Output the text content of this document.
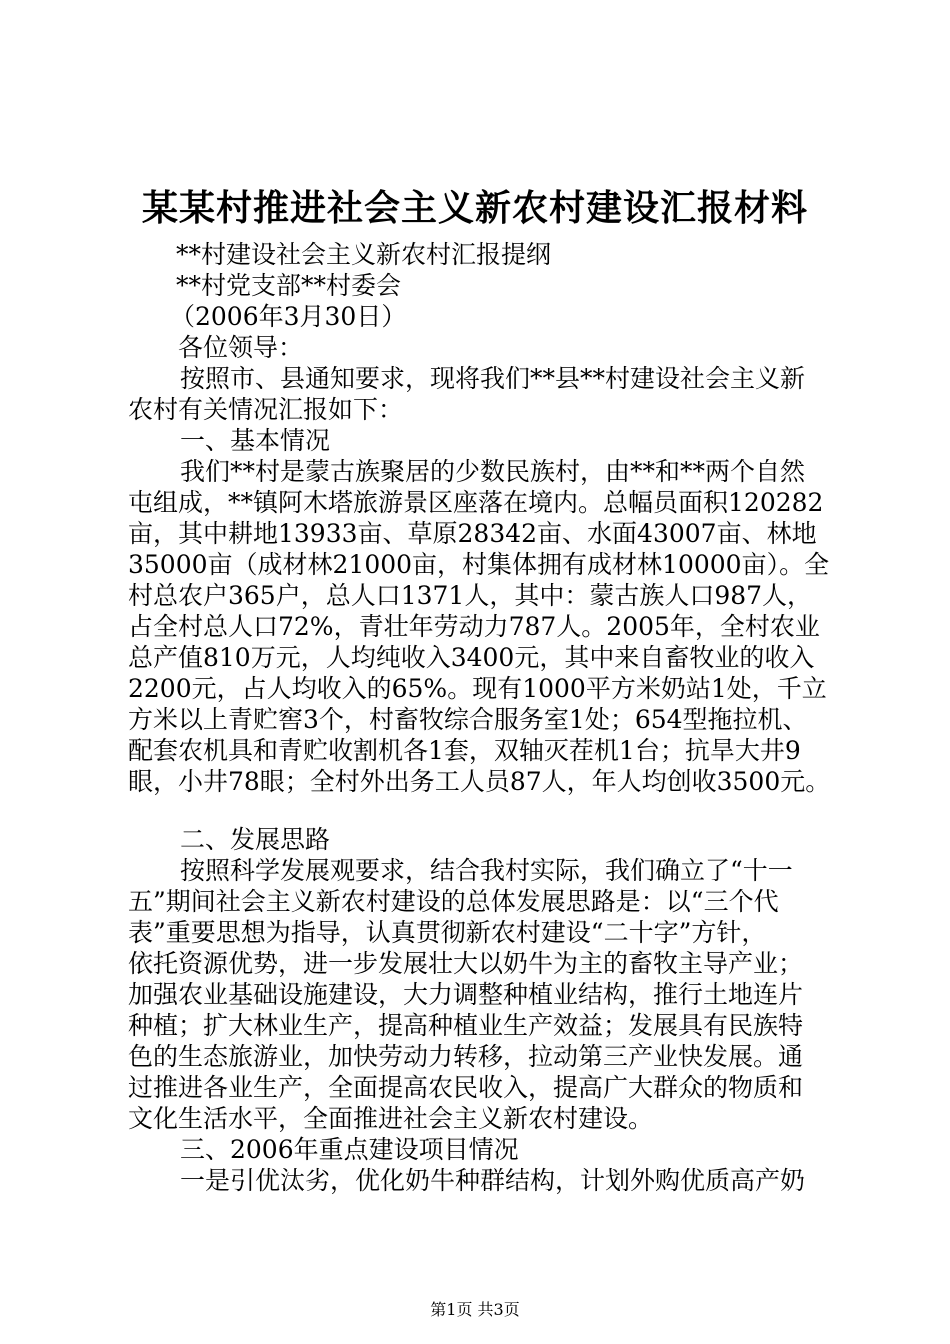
某某村推进社会主义新农村建设汇报材料
**村建设社会主义新农村汇报提纲
**村党支部**村委会
（2006年3月30日）
各位领导：
按照市、县通知要求，现将我们**县**村建设社会主义新
农村有关情况汇报如下：
一、基本情况
我们**村是蒙古族聚居的少数民族村，由**和**两个自然
屯组成，**镇阿木塔旅游景区座落在境内。总幅员面积120282
亩，其中耕地13933亩、草原28342亩、水面43007亩、林地
35000亩（成材林21000亩，村集体拥有成材林10000亩）。全
村总农户365户，总人口1371人，其中：蒙古族人口987人，
占全村总人口72%，青壮年劳动力787人。2005年，全村农业
总产值810万元，人均纯收入3400元，其中来自畜牧业的收入
2200元，占人均收入的65%。现有1000平方米奶站1处，千立
方米以上青贮窖3个，村畜牧综合服务室1处；654型拖拉机、
配套农机具和青贮收割机各1套，双轴灭茬机1台；抗旱大井9
眼，小井78眼；全村外出务工人员87人，年人均创收3500元。
二、发展思路
按照科学发展观要求，结合我村实际，我们确立了“十一
五”期间社会主义新农村建设的总体发展思路是：以“三个代
表”重要思想为指导，认真贯彻新农村建设“二十字”方针，
依托资源优势，进一步发展壮大以奶牛为主的畜牧主导产业；
加强农业基础设施建设，大力调整种植业结构，推行土地连片
种植；扩大林业生产，提高种植业生产效益；发展具有民族特
色的生态旅游业，加快劳动力转移，拉动第三产业快发展。通
过推进各业生产，全面提高农民收入，提高广大群众的物质和
文化生活水平，全面推进社会主义新农村建设。
三、2006年重点建设项目情况
一是引优汰劣，优化奶牛种群结构，计划外购优质高产奶
第1页 共3页
